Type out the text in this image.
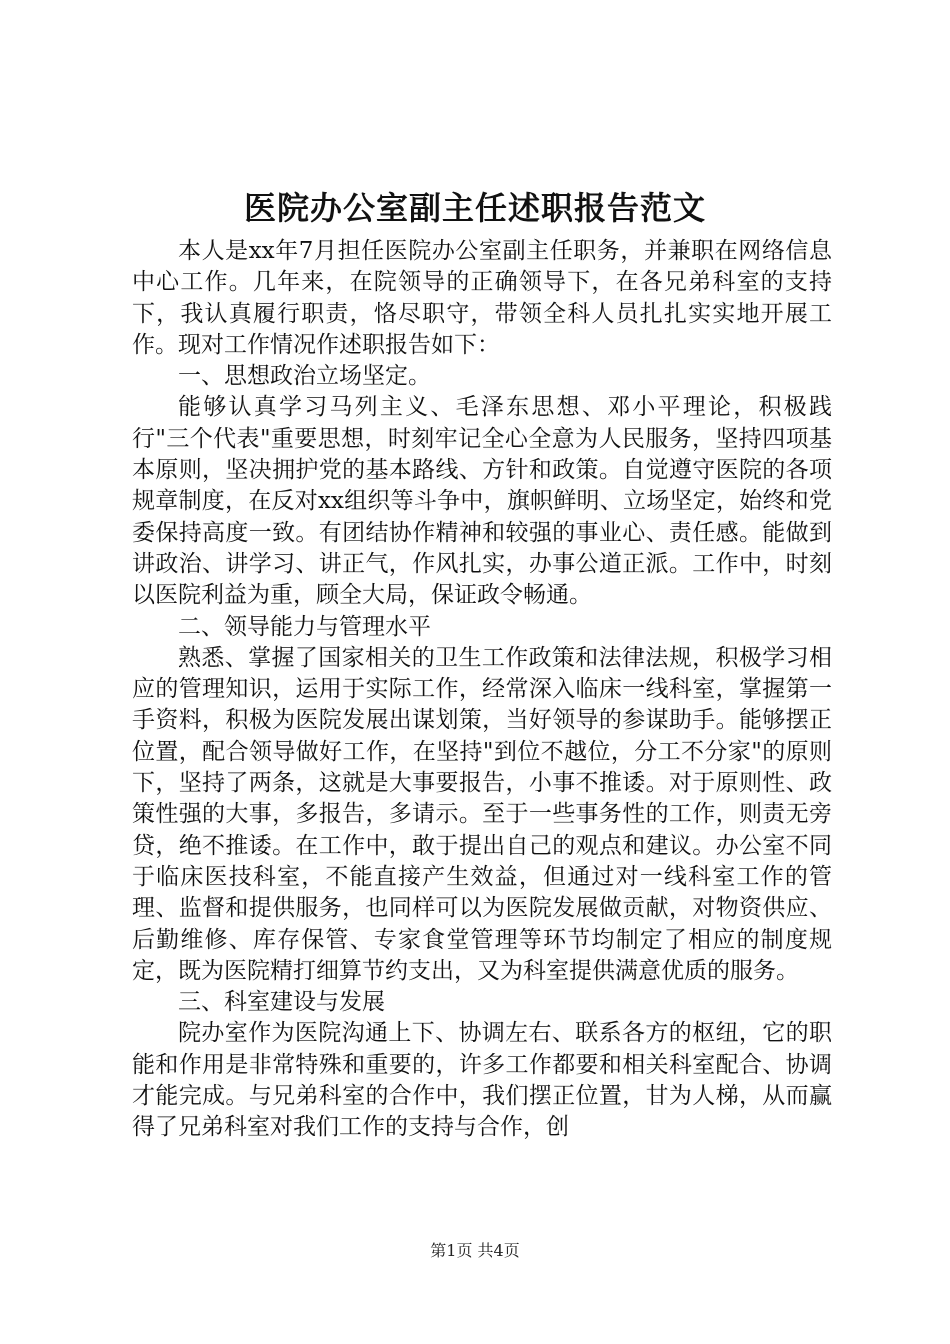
医院办公室副主任述职报告范文

本人是xx年7月担任医院办公室副主任职务，并兼职在网络信息中心工作。几年来，在院领导的正确领导下，在各兄弟科室的支持下，我认真履行职责，恪尽职守，带领全科人员扎扎实实地开展工作。现对工作情况作述职报告如下：

一、思想政治立场坚定。

能够认真学习马列主义、毛泽东思想、邓小平理论，积极践行"三个代表"重要思想，时刻牢记全心全意为人民服务，坚持四项基本原则，坚决拥护党的基本路线、方针和政策。自觉遵守医院的各项规章制度，在反对xx组织等斗争中，旗帜鲜明、立场坚定，始终和党委保持高度一致。有团结协作精神和较强的事业心、责任感。能做到讲政治、讲学习、讲正气，作风扎实，办事公道正派。工作中，时刻以医院利益为重，顾全大局，保证政令畅通。

二、领导能力与管理水平

熟悉、掌握了国家相关的卫生工作政策和法律法规，积极学习相应的管理知识，运用于实际工作，经常深入临床一线科室，掌握第一手资料，积极为医院发展出谋划策，当好领导的参谋助手。能够摆正位置，配合领导做好工作，在坚持"到位不越位，分工不分家"的原则下，坚持了两条，这就是大事要报告，小事不推诿。对于原则性、政策性强的大事，多报告，多请示。至于一些事务性的工作，则责无旁贷，绝不推诿。在工作中，敢于提出自己的观点和建议。办公室不同于临床医技科室，不能直接产生效益，但通过对一线科室工作的管理、监督和提供服务，也同样可以为医院发展做贡献，对物资供应、后勤维修、库存保管、专家食堂管理等环节均制定了相应的制度规定，既为医院精打细算节约支出，又为科室提供满意优质的服务。

三、科室建设与发展

院办室作为医院沟通上下、协调左右、联系各方的枢纽，它的职能和作用是非常特殊和重要的，许多工作都要和相关科室配合、协调才能完成。与兄弟科室的合作中，我们摆正位置，甘为人梯，从而赢得了兄弟科室对我们工作的支持与合作，创

第1页 共4页
